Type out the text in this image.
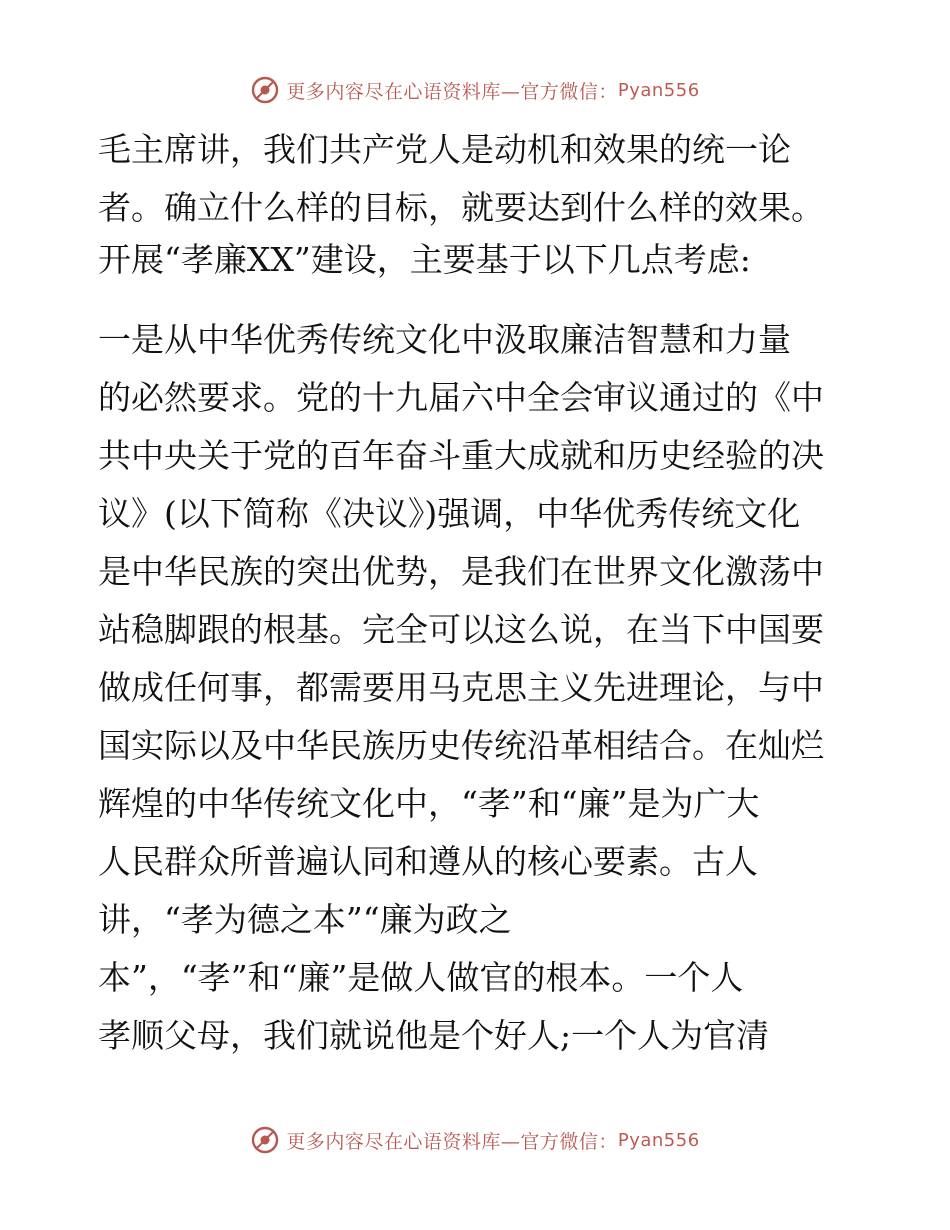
更多内容尽在心语资料库—官方微信： Pyan556
毛主席讲，我们共产党人是动机和效果的统一论
者。确立什么样的目标，就要达到什么样的效果。
开展“孝廉XX”建设，主要基于以下几点考虑:
一是从中华优秀传统文化中汲取廉洁智慧和力量
的必然要求。党的十九届六中全会审议通过的《中
共中央关于党的百年奋斗重大成就和历史经验的决
议》(以下简称《决议》)强调，中华优秀传统文化
是中华民族的突出优势，是我们在世界文化激荡中
站稳脚跟的根基。完全可以这么说，在当下中国要
做成任何事，都需要用马克思主义先进理论，与中
国实际以及中华民族历史传统沿革相结合。在灿烂
辉煌的中华传统文化中，“孝”和“廉”是为广大
人民群众所普遍认同和遵从的核心要素。古人
讲，“孝为德之本”“廉为政之
本”，“孝”和“廉”是做人做官的根本。一个人
孝顺父母，我们就说他是个好人;一个人为官清
更多内容尽在心语资料库—官方微信： Pyan556
